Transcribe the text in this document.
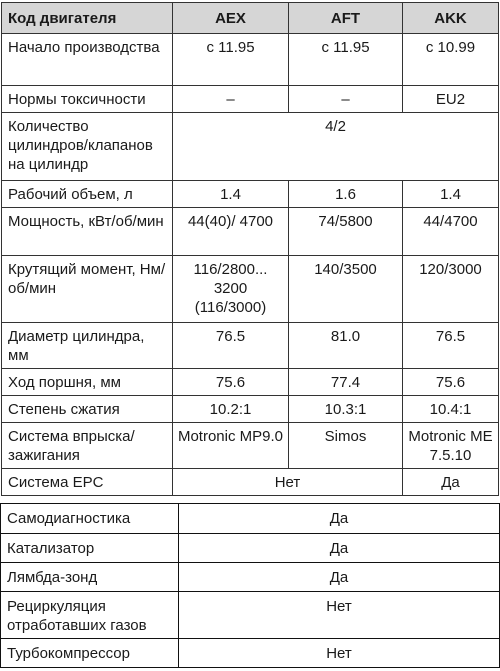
Код двигателя	AEX	AFT	AKK
Начало производства	с 11.95	с 11.95	с 10.99
Нормы токсичности	–	–	EU2
Количество цилиндров/клапанов на цилиндр	4/2		
Рабочий объем, л	1.4	1.6	1.4
Мощность, кВт/об/мин	44(40)/ 4700	74/5800	44/4700
Крутящий момент, Нм/об/мин	116/2800... 3200 (116/3000)	140/3500	120/3000
Диаметр цилиндра, мм	76.5	81.0	76.5
Ход поршня, мм	75.6	77.4	75.6
Степень сжатия	10.2:1	10.3:1	10.4:1
Система впрыска/зажигания	Motronic MP9.0	Simos	Motronic ME 7.5.10
Система EPC	Нет		Да
Самодиагностика	Да
Катализатор	Да
Лямбда-зонд	Да
Рециркуляция отработавших газов	Нет
Турбокомпрессор	Нет
